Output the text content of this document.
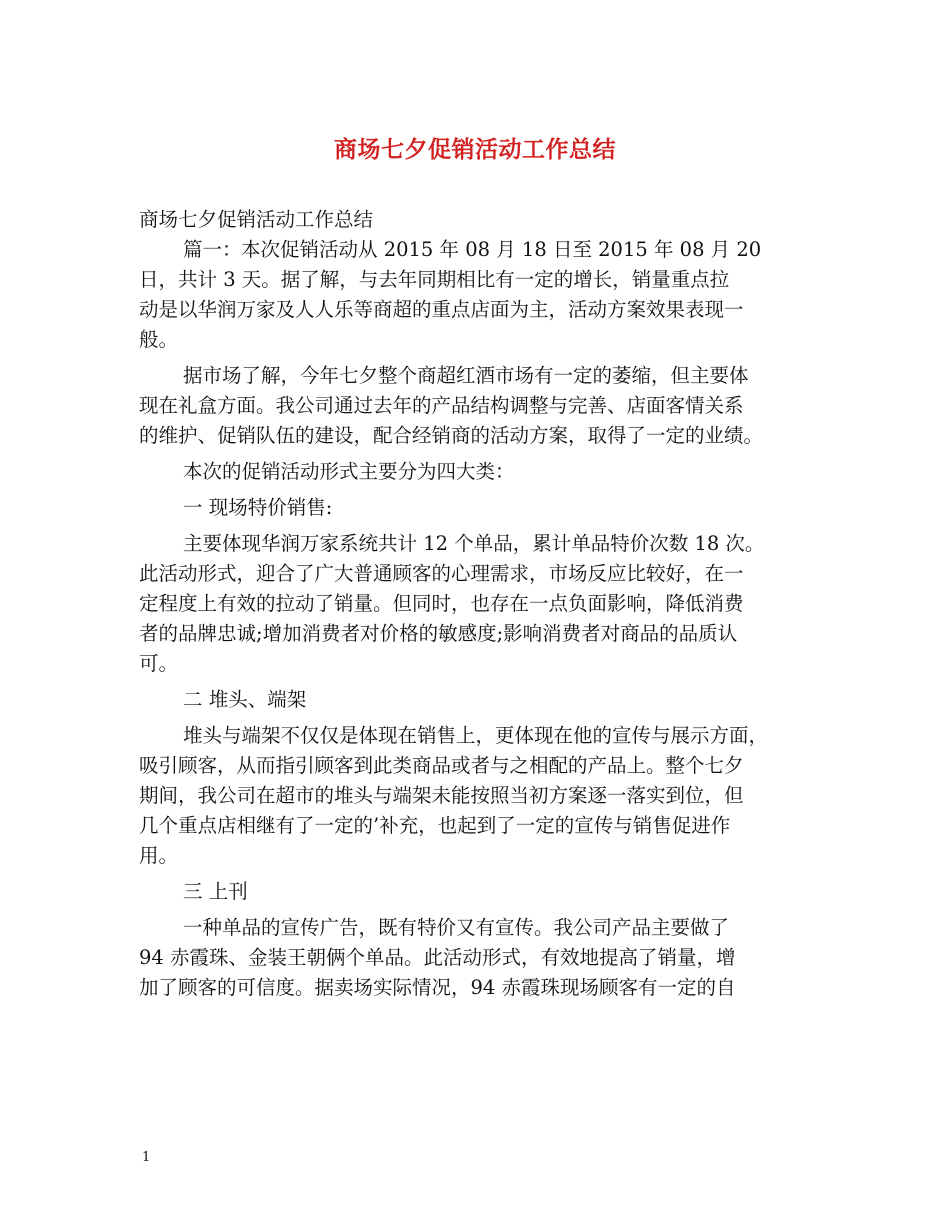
商场七夕促销活动工作总结
商场七夕促销活动工作总结
篇一：本次促销活动从 2015 年 08 月 18 日至 2015 年 08 月 20
日，共计 3 天。据了解，与去年同期相比有一定的增长，销量重点拉
动是以华润万家及人人乐等商超的重点店面为主，活动方案效果表现一
般。
据市场了解，今年七夕整个商超红酒市场有一定的萎缩，但主要体
现在礼盒方面。我公司通过去年的产品结构调整与完善、店面客情关系
的维护、促销队伍的建设，配合经销商的活动方案，取得了一定的业绩。
本次的促销活动形式主要分为四大类：
一 现场特价销售:
主要体现华润万家系统共计 12 个单品，累计单品特价次数 18 次。
此活动形式，迎合了广大普通顾客的心理需求，市场反应比较好，在一
定程度上有效的拉动了销量。但同时，也存在一点负面影响，降低消费
者的品牌忠诚;增加消费者对价格的敏感度;影响消费者对商品的品质认
可。
二 堆头、端架
堆头与端架不仅仅是体现在销售上，更体现在他的宣传与展示方面，
吸引顾客，从而指引顾客到此类商品或者与之相配的产品上。整个七夕
期间，我公司在超市的堆头与端架未能按照当初方案逐一落实到位，但
几个重点店相继有了一定的’补充，也起到了一定的宣传与销售促进作
用。
三 上刊
一种单品的宣传广告，既有特价又有宣传。我公司产品主要做了
94 赤霞珠、金装王朝俩个单品。此活动形式，有效地提高了销量，增
加了顾客的可信度。据卖场实际情况，94 赤霞珠现场顾客有一定的自
1
